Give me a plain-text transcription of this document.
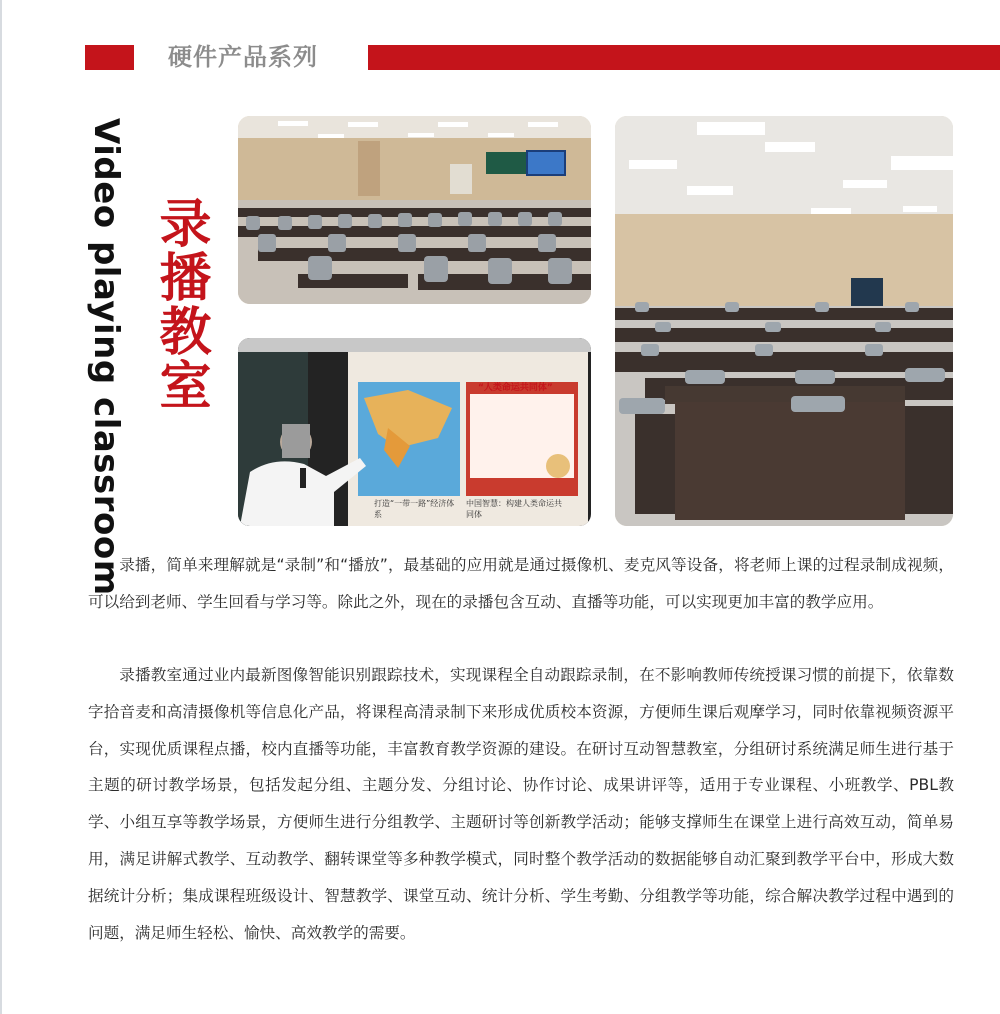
硬件产品系列
Video playing classroom 录播教室	“人类命运共同体”
打造“一带一路”经济体系
中国智慧：构建人类命运共同体

录播，简单来理解就是“录制”和“播放”，最基础的应用就是通过摄像机、麦克风等设备，将老师上课的过程录制成视频，可以给到老师、学生回看与学习等。除此之外，现在的录播包含互动、直播等功能，可以实现更加丰富的教学应用。

录播教室通过业内最新图像智能识别跟踪技术，实现课程全自动跟踪录制，在不影响教师传统授课习惯的前提下，依靠数字拾音麦和高清摄像机等信息化产品，将课程高清录制下来形成优质校本资源，方便师生课后观摩学习，同时依靠视频资源平台，实现优质课程点播，校内直播等功能，丰富教育教学资源的建设。在研讨互动智慧教室，分组研讨系统满足师生进行基于主题的研讨教学场景，包括发起分组、主题分发、分组讨论、协作讨论、成果讲评等，适用于专业课程、小班教学、PBL教学、小组互享等教学场景，方便师生进行分组教学、主题研讨等创新教学活动；能够支撑师生在课堂上进行高效互动，简单易用，满足讲解式教学、互动教学、翻转课堂等多种教学模式，同时整个教学活动的数据能够自动汇聚到教学平台中，形成大数据统计分析；集成课程班级设计、智慧教学、课堂互动、统计分析、学生考勤、分组教学等功能，综合解决教学过程中遇到的问题，满足师生轻松、愉快、高效教学的需要。
